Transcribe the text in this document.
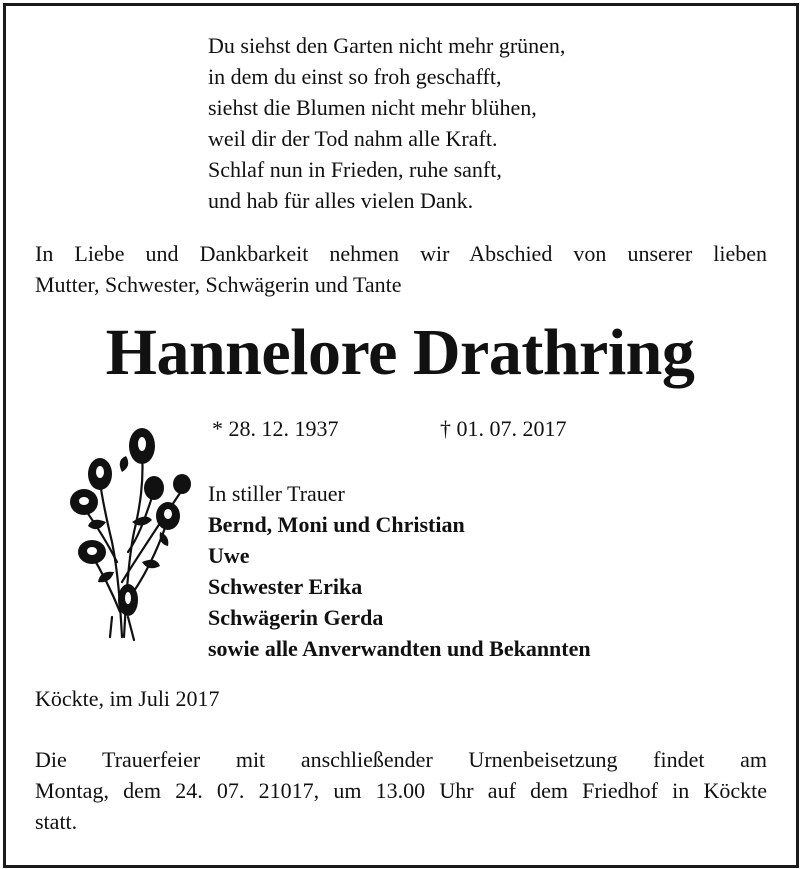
Du siehst den Garten nicht mehr grünen,
in dem du einst so froh geschafft,
siehst die Blumen nicht mehr blühen,
weil dir der Tod nahm alle Kraft.
Schlaf nun in Frieden, ruhe sanft,
und hab für alles vielen Dank.
In Liebe und Dankbarkeit nehmen wir Abschied von unserer lieben
Mutter, Schwester, Schwägerin und Tante
Hannelore Drathring
* 28. 12. 1937	† 01. 07. 2017
In stiller Trauer
Bernd, Moni und Christian
Uwe
Schwester Erika
Schwägerin Gerda
sowie alle Anverwandten und Bekannten
Köckte, im Juli 2017
Die Trauerfeier mit anschließender Urnenbeisetzung findet am
Montag, dem 24. 07. 21017, um 13.00 Uhr auf dem Friedhof in Köckte
statt.
